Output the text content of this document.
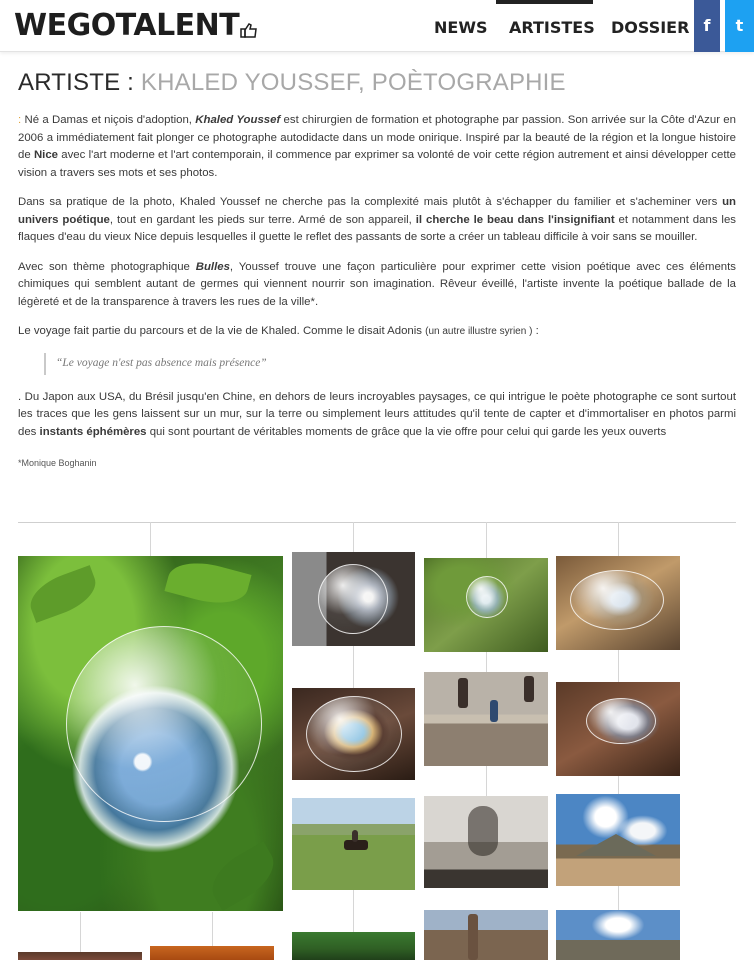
WEGOTALENT	NEWS ARTISTES DOSSIER f	t
ARTISTE : KHALED YOUSSEF, POÈTOGRAPHIE

: Né a Damas et niçois d'adoption, Khaled Youssef est chirurgien de formation et photographe par passion. Son arrivée sur la Côte d'Azur en 2006 a immédiatement fait plonger ce photographe autodidacte dans un mode onirique. Inspiré par la beauté de la région et la longue histoire de Nice avec l'art moderne et l'art contemporain, il commence par exprimer sa volonté de voir cette région autrement et ainsi développer cette vision a travers ses mots et ses photos.

Dans sa pratique de la photo, Khaled Youssef ne cherche pas la complexité mais plutôt à s'échapper du familier et s'acheminer vers un univers poétique, tout en gardant les pieds sur terre. Armé de son appareil, il cherche le beau dans l'insignifiant et notamment dans les flaques d'eau du vieux Nice depuis lesquelles il guette le reflet des passants de sorte a créer un tableau difficile à voir sans se mouiller.

Avec son thème photographique Bulles, Youssef trouve une façon particulière pour exprimer cette vision poétique avec ces éléments chimiques qui semblent autant de germes qui viennent nourrir son imagination. Rêveur éveillé, l'artiste invente la poétique ballade de la légèreté et de la transparence à travers les rues de la ville*.

Le voyage fait partie du parcours et de la vie de Khaled. Comme le disait Adonis (un autre illustre syrien ) :

“Le voyage n'est pas absence mais présence”

. Du Japon aux USA, du Brésil jusqu'en Chine, en dehors de leurs incroyables paysages, ce qui intrigue le poète photographe ce sont surtout les traces que les gens laissent sur un mur, sur la terre ou simplement leurs attitudes qu'il tente de capter et d'immortaliser en photos parmi des instants éphémères qui sont pourtant de véritables moments de grâce que la vie offre pour celui qui garde les yeux ouverts

*Monique Boghanin
